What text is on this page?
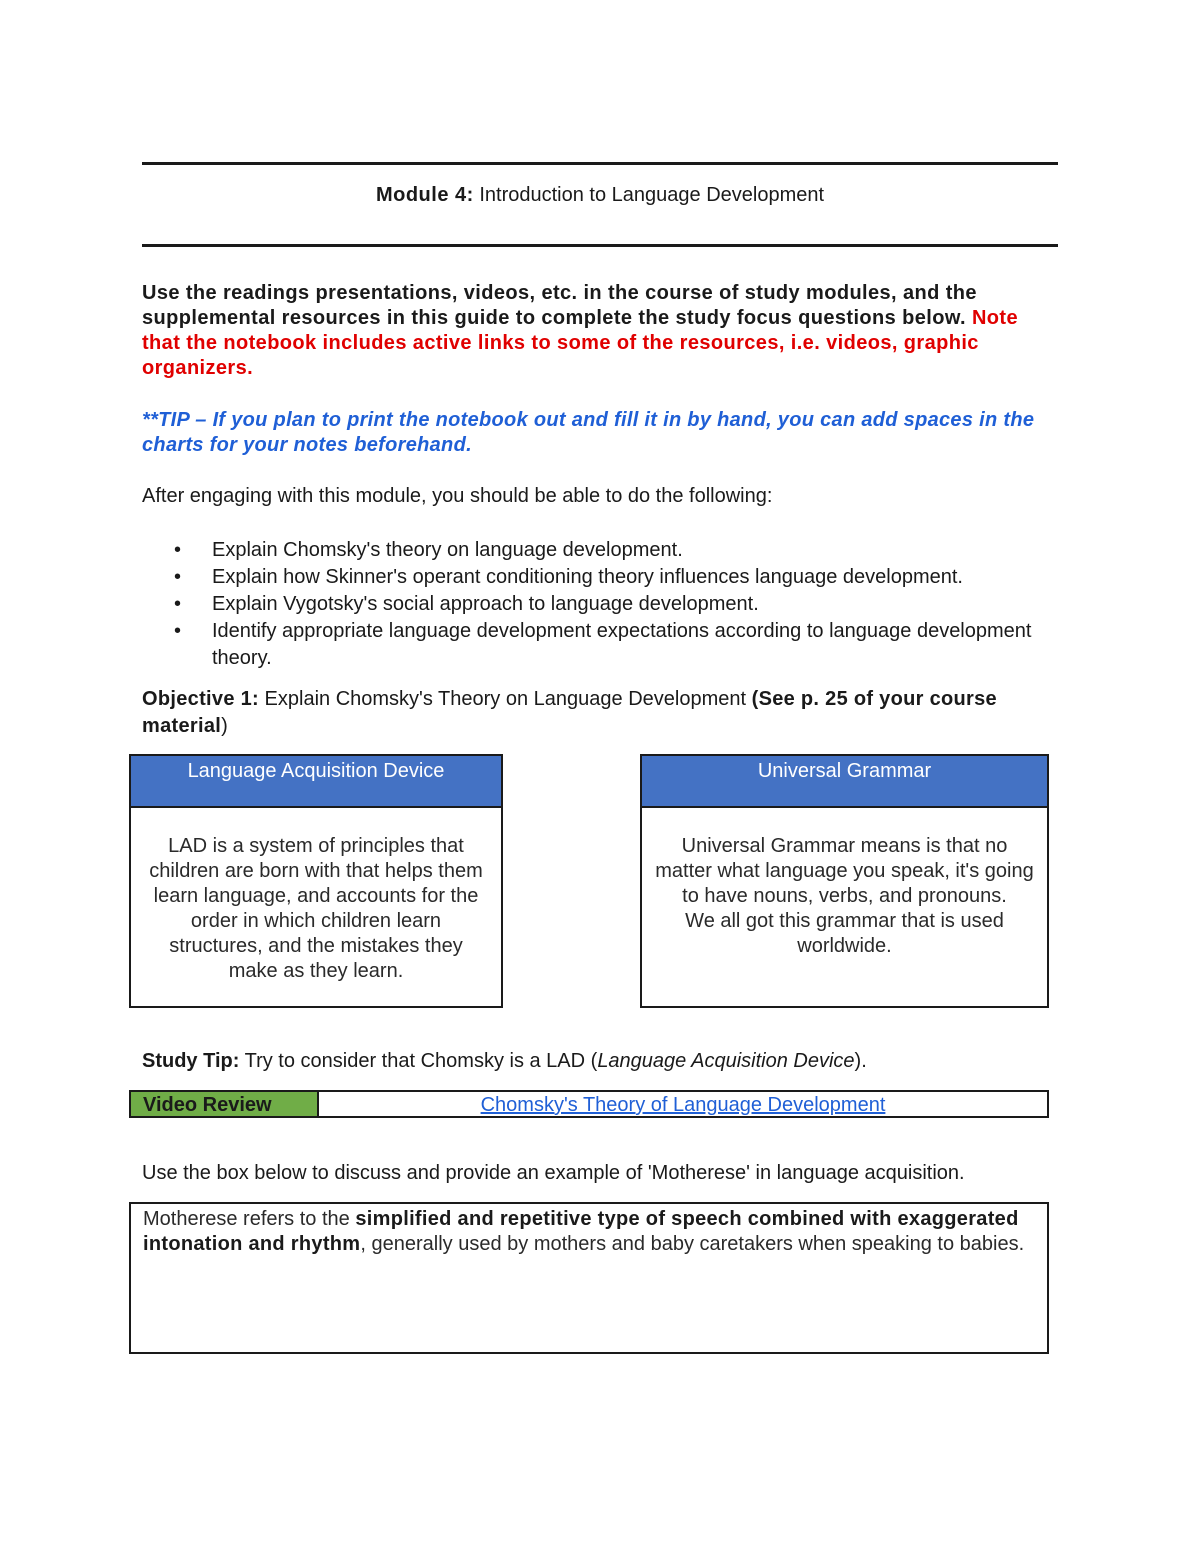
Module 4: Introduction to Language Development
Use the readings presentations, videos, etc. in the course of study modules, and the supplemental resources in this guide to complete the study focus questions below. Note that the notebook includes active links to some of the resources, i.e. videos, graphic organizers.
**TIP – If you plan to print the notebook out and fill it in by hand, you can add spaces in the charts for your notes beforehand.
After engaging with this module, you should be able to do the following:
• Explain Chomsky's theory on language development.
• Explain how Skinner's operant conditioning theory influences language development.
• Explain Vygotsky's social approach to language development.
• Identify appropriate language development expectations according to language development theory.
Objective 1: Explain Chomsky's Theory on Language Development (See p. 25 of your course material)
Language Acquisition Device
LAD is a system of principles that children are born with that helps them learn language, and accounts for the order in which children learn structures, and the mistakes they make as they learn.
Universal Grammar
Universal Grammar means is that no matter what language you speak, it's going to have nouns, verbs, and pronouns.
We all got this grammar that is used worldwide.
Study Tip: Try to consider that Chomsky is a LAD (Language Acquisition Device).
Video Review	Chomsky's Theory of Language Development
Use the box below to discuss and provide an example of 'Motherese' in language acquisition.
Motherese refers to the simplified and repetitive type of speech combined with exaggerated intonation and rhythm, generally used by mothers and baby caretakers when speaking to babies.
